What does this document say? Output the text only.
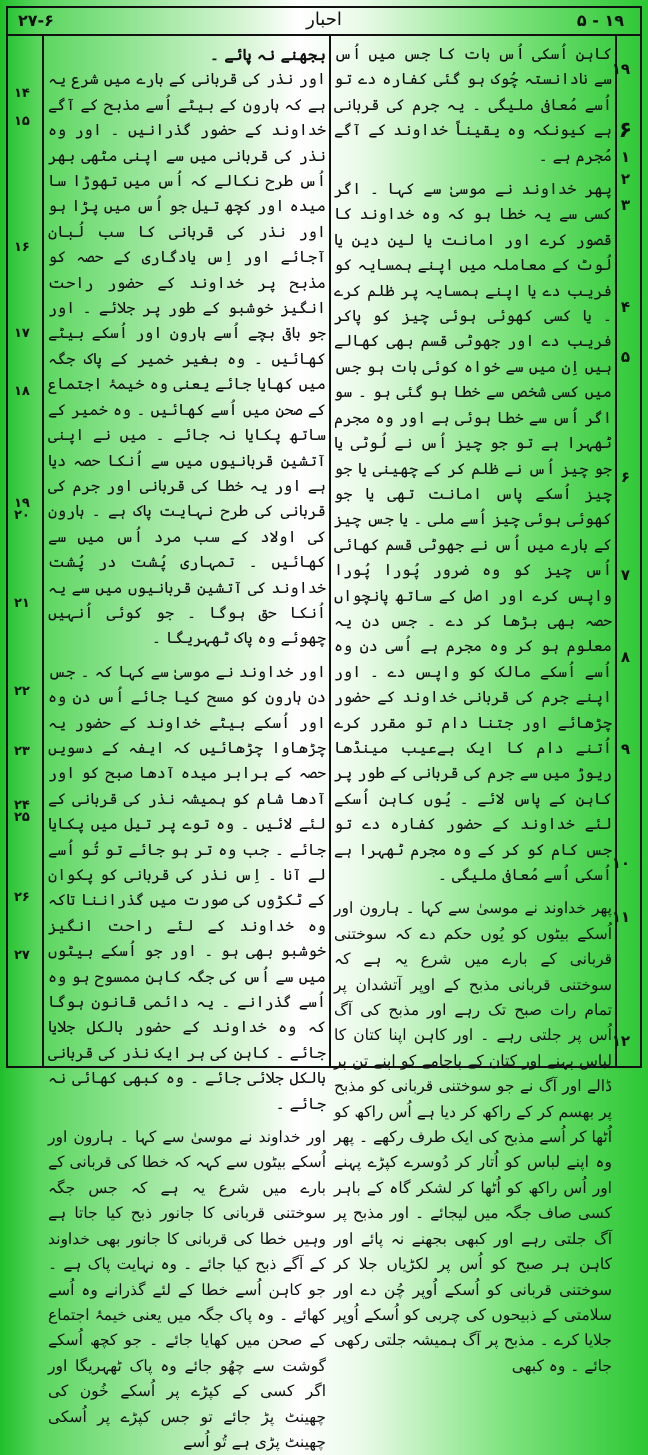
۲۷-۶	احبار	۵ - ۱۹

کاہن اُسکی اُس بات کا جس میں اُس سے نادانستہ چُوک ہو گئی کفارہ دے تو اُسے مُعافی ملیگی ۔ یہ جرم کی قربانی ہے کیونکہ وہ یقیناً خداوند کے آگے مُجرم ہے ۔

پھر خداوند نے موسیٰ سے کہا ۔ اگر کسی سے یہ خطا ہو کہ وہ خداوند کا قصور کرے اور امانت یا لین دین یا لُوٹ کے معاملہ میں اپنے ہمسایہ کو فریب دے یا اپنے ہمسایہ پر ظلم کرے ۔ یا کسی کھوئی ہوئی چیز کو پاکر فریب دے اور جھوٹی قسم بھی کھالے ہیں اِن میں سے خواہ کوئی بات ہو جس میں کسی شخص سے خطا ہو گئی ہو ۔ سو اگر اُس سے خطا ہوئی ہے اور وہ مجرم ٹھہرا ہے تو جو چیز اُس نے لُوٹی یا جو چیز اُس نے ظلم کر کے چھینی یا جو چیز اُسکے پاس امانت تھی یا جو کھوئی ہوئی چیز اُسے ملی ۔ یا جس چیز کے بارے میں اُس نے جھوٹی قسم کھائی اُس چیز کو وہ ضرور پُورا پُورا واپس کرے اور اصل کے ساتھ پانچواں حصہ بھی بڑھا کر دے ۔ جس دن یہ معلوم ہو کر وہ مجرم ہے اُسی دن وہ اُسے اُسکے مالک کو واپس دے ۔ اور اپنے جرم کی قربانی خداوند کے حضور چڑھائے اور جتنا دام تو مقرر کرے اُتنے دام کا ایک بےعیب مینڈھا ریوڑ میں سے جرم کی قربانی کے طور پر کاہن کے پاس لائے ۔ یُوں کاہن اُسکے لئے خداوند کے حضور کفارہ دے تو جس کام کو کر کے وہ مجرم ٹھہرا ہے اُسکی اُسے مُعافی ملیگی ۔

پھر خداوند نے موسیٰ سے کہا ۔ ہارون اور اُسکے بیٹوں کو یُوں حکم دے کہ سوختنی قربانی کے بارے میں شرع یہ ہے کہ سوختنی قربانی مذبح کے اوپر آتشدان پر تمام رات صبح تک رہے اور مذبح کی آگ اُس پر جلتی رہے ۔ اور کاہن اپنا کتان کا لباس پہنے اور کتان کے پاجامے کو اپنے تن پر ڈالے اور آگ نے جو سوختنی قربانی کو مذبح پر بھسم کر کے راکھ کر دیا ہے اُس راکھ کو اُٹھا کر اُسے مذبح کی ایک طرف رکھے ۔ پھر وہ اپنے لباس کو اُتار کر دُوسرے کپڑے پہنے اور اُس راکھ کو اُٹھا کر لشکر گاہ کے باہر کسی صاف جگہ میں لیجائے ۔ اور مذبح پر آگ جلتی رہے اور کبھی بجھنے نہ پائے اور کاہن ہر صبح کو اُس پر لکڑیاں جلا کر سوختنی قربانی کو اُسکے اُوپر چُن دے اور سلامتی کے ذبیحوں کی چربی کو اُسکے اُوپر جلایا کرے ۔ مذبح پر آگ ہمیشہ جلتی رکھی جائے ۔ وہ کبھی

بجھنے نہ پائے ۔

اور نذر کی قربانی کے بارے میں شرع یہ ہے کہ ہارون کے بیٹے اُسے مذبح کے آگے خداوند کے حضور گذرانیں ۔ اور وہ نذر کی قربانی میں سے اپنی مٹھی بھر اُس طرح نکالے کہ اُس میں تھوڑا سا میدہ اور کچھ تیل جو اُس میں پڑا ہو اور نذر کی قربانی کا سب لُبان آجائے اور اِس یادگاری کے حصہ کو مذبح پر خداوند کے حضور راحت انگیز خوشبو کے طور پر جلائے ۔ اور جو باقی بچے اُسے ہارون اور اُسکے بیٹے کھائیں ۔ وہ بغیر خمیر کے پاک جگہ میں کھایا جائے یعنی وہ خیمۂ اجتماع کے صحن میں اُسے کھائیں ۔ وہ خمیر کے ساتھ پکایا نہ جائے ۔ میں نے اپنی آتشین قربانیوں میں سے اُنکا حصہ دیا ہے اور یہ خطا کی قربانی اور جرم کی قربانی کی طرح نہایت پاک ہے ۔ ہارون کی اولاد کے سب مرد اُس میں سے کھائیں ۔ تمہاری پُشت در پُشت خداوند کی آتشین قربانیوں میں سے یہ اُنکا حق ہوگا ۔ جو کوئی اُنہیں چھوئے وہ پاک ٹھہریگا ۔

اور خداوند نے موسیٰ سے کہا کہ ۔ جس دن ہارون کو مسح کیا جائے اُس دن وہ اور اُسکے بیٹے خداوند کے حضور یہ چڑھاوا چڑھائیں کہ ایفہ کے دسویں حصہ کے برابر میدہ آدھا صبح کو اور آدھا شام کو ہمیشہ نذر کی قربانی کے لئے لائیں ۔ وہ توے پر تیل میں پکایا جائے ۔ جب وہ تر ہو جائے تو تُو اُسے لے آنا ۔ اِس نذر کی قربانی کو پکوان کے ٹکڑوں کی صورت میں گذراننا تاکہ وہ خداوند کے لئے راحت انگیز خوشبو بھی ہو ۔ اور جو اُسکے بیٹوں میں سے اُس کی جگہ کاہن ممسوح ہو وہ اُسے گذرانے ۔ یہ دائمی قانون ہوگا کہ وہ خداوند کے حضور بالکل جلایا جائے ۔ کاہن کی ہر ایک نذر کی قربانی بالکل جلائی جائے ۔ وہ کبھی کھائی نہ جائے ۔

اور خداوند نے موسیٰ سے کہا ۔ ہارون اور اُسکے بیٹوں سے کہہ کہ خطا کی قربانی کے بارے میں شرع یہ ہے کہ جس جگہ سوختنی قربانی کا جانور ذبح کیا جاتا ہے وہیں خطا کی قربانی کا جانور بھی خداوند کے آگے ذبح کیا جائے ۔ وہ نہایت پاک ہے ۔ جو کاہن اُسے خطا کے لئے گذرانے وہ اُسے کھائے ۔ وہ پاک جگہ میں یعنی خیمۂ اجتماع کے صحن میں کھایا جائے ۔ جو کچھ اُسکے گوشت سے چھُو جائے وہ پاک ٹھہریگا اور اگر کسی کے کپڑے پر اُسکے خُون کی چھینٹ پڑ جائے تو جس کپڑے پر اُسکی چھینٹ پڑی ہے تُو اُسے

۶
۱۹
۱
۲
۳
۴
۵
۶
۷
۸
۹
۱۰
۱۱
۱۲
۱۴
۱۵
۱۶
۱۷
۱۸
۱۹
۲۰
۲۱
۲۲
۲۳
۲۴
۲۵
۲۶
۲۷
